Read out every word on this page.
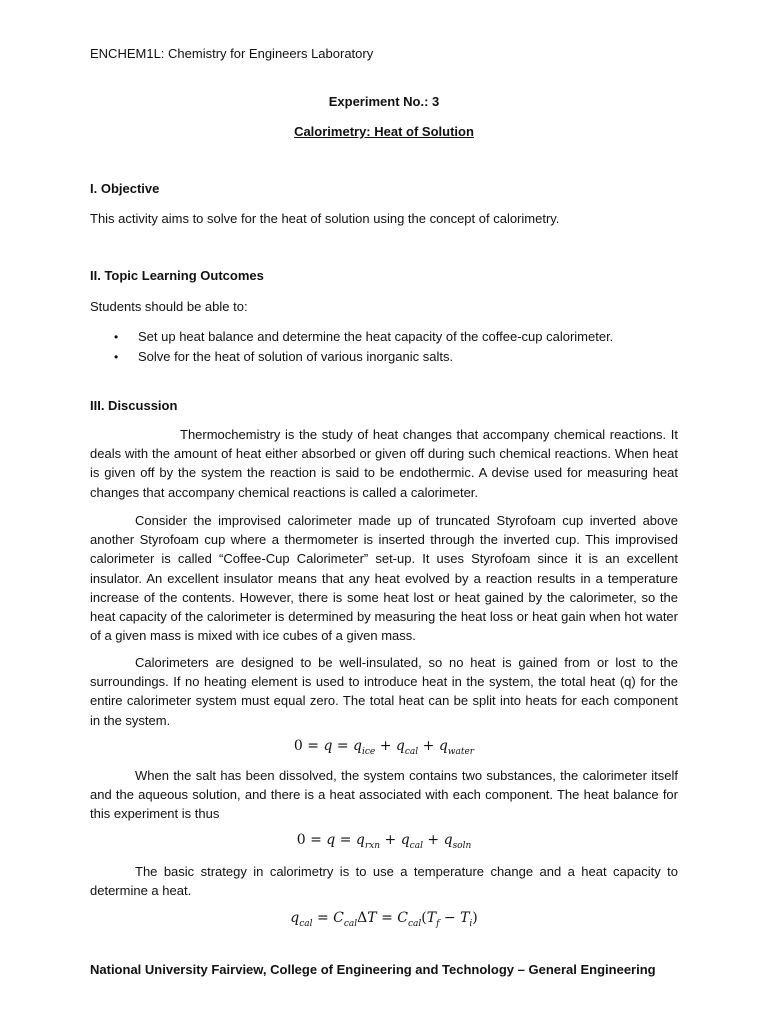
ENCHEM1L: Chemistry for Engineers Laboratory

Experiment No.: 3
Calorimetry: Heat of Solution

I. Objective

This activity aims to solve for the heat of solution using the concept of calorimetry.

II. Topic Learning Outcomes

Students should be able to:

• Set up heat balance and determine the heat capacity of the coffee-cup calorimeter.
• Solve for the heat of solution of various inorganic salts.

III. Discussion

Thermochemistry is the study of heat changes that accompany chemical reactions. It deals with the amount of heat either absorbed or given off during such chemical reactions. When heat is given off by the system the reaction is said to be endothermic. A devise used for measuring heat changes that accompany chemical reactions is called a calorimeter.

Consider the improvised calorimeter made up of truncated Styrofoam cup inverted above another Styrofoam cup where a thermometer is inserted through the inverted cup. This improvised calorimeter is called “Coffee-Cup Calorimeter” set-up. It uses Styrofoam since it is an excellent insulator. An excellent insulator means that any heat evolved by a reaction results in a temperature increase of the contents. However, there is some heat lost or heat gained by the calorimeter, so the heat capacity of the calorimeter is determined by measuring the heat loss or heat gain when hot water of a given mass is mixed with ice cubes of a given mass.

Calorimeters are designed to be well-insulated, so no heat is gained from or lost to the surroundings. If no heating element is used to introduce heat in the system, the total heat (q) for the entire calorimeter system must equal zero. The total heat can be split into heats for each component in the system.

$0 = q = q_{ice} + q_{cal} + q_{water}$

When the salt has been dissolved, the system contains two substances, the calorimeter itself and the aqueous solution, and there is a heat associated with each component. The heat balance for this experiment is thus

$0 = q = q_{rxn} + q_{cal} + q_{soln}$

The basic strategy in calorimetry is to use a temperature change and a heat capacity to determine a heat.

$q_{cal} = C_{cal}\Delta T = C_{cal}(T_f - T_i)$

National University Fairview, College of Engineering and Technology – General Engineering
